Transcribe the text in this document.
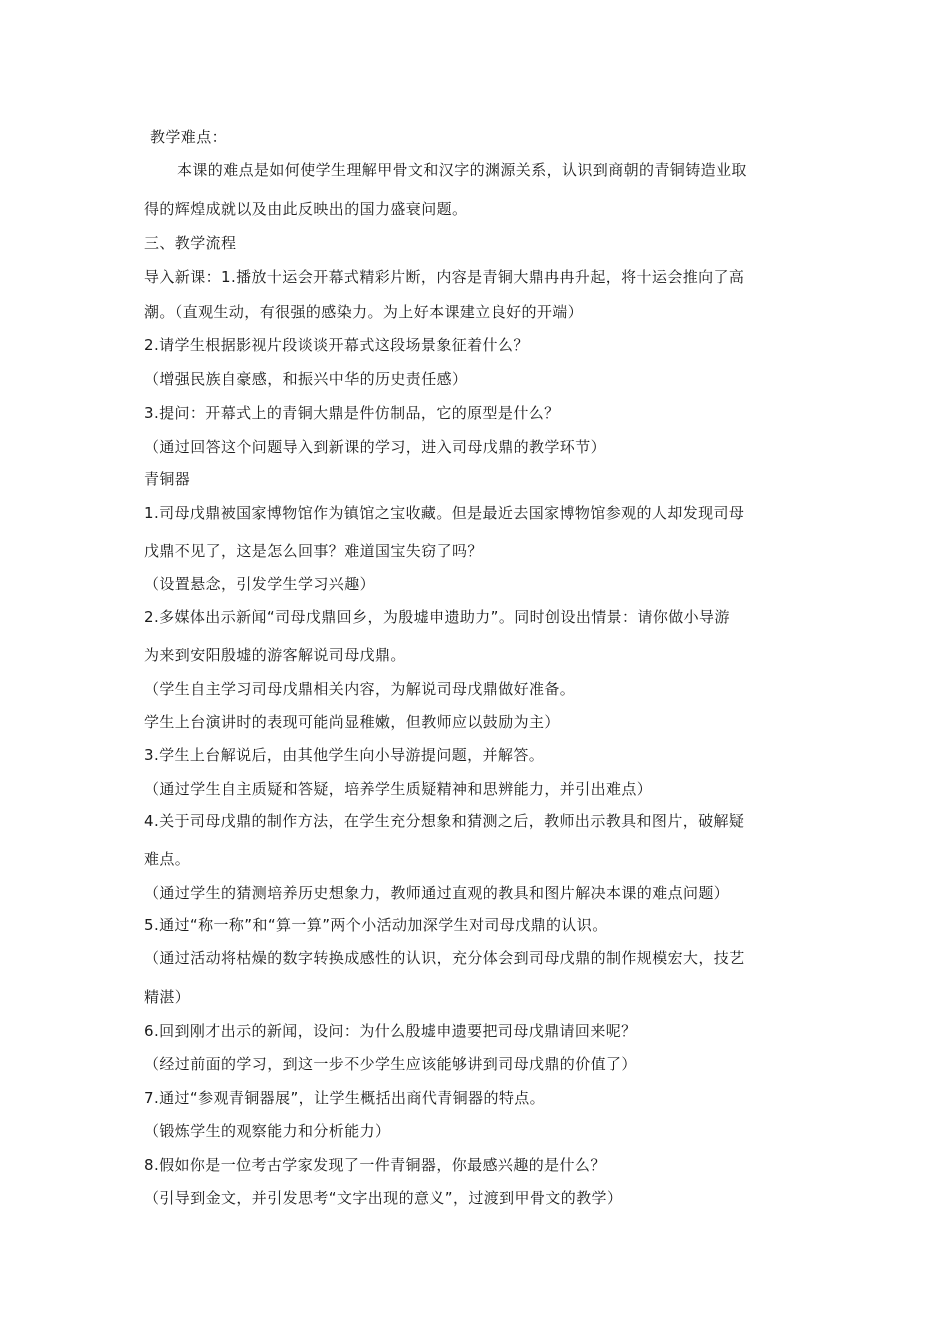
教学难点：
本课的难点是如何使学生理解甲骨文和汉字的渊源关系，认识到商朝的青铜铸造业取
得的辉煌成就以及由此反映出的国力盛衰问题。
三、教学流程
导入新课：1.播放十运会开幕式精彩片断，内容是青铜大鼎冉冉升起，将十运会推向了高
潮。（直观生动，有很强的感染力。为上好本课建立良好的开端）
2.请学生根据影视片段谈谈开幕式这段场景象征着什么？
（增强民族自豪感，和振兴中华的历史责任感）
3.提问：开幕式上的青铜大鼎是件仿制品，它的原型是什么？
（通过回答这个问题导入到新课的学习，进入司母戊鼎的教学环节）
青铜器
1.司母戊鼎被国家博物馆作为镇馆之宝收藏。但是最近去国家博物馆参观的人却发现司母
戊鼎不见了，这是怎么回事？难道国宝失窃了吗？
（设置悬念，引发学生学习兴趣）
2.多媒体出示新闻“司母戊鼎回乡，为殷墟申遗助力”。同时创设出情景：请你做小导游
为来到安阳殷墟的游客解说司母戊鼎。
（学生自主学习司母戊鼎相关内容，为解说司母戊鼎做好准备。
学生上台演讲时的表现可能尚显稚嫩，但教师应以鼓励为主）
3.学生上台解说后，由其他学生向小导游提问题，并解答。
（通过学生自主质疑和答疑，培养学生质疑精神和思辨能力，并引出难点）
4.关于司母戊鼎的制作方法，在学生充分想象和猜测之后，教师出示教具和图片，破解疑
难点。
（通过学生的猜测培养历史想象力，教师通过直观的教具和图片解决本课的难点问题）
5.通过“称一称”和“算一算”两个小活动加深学生对司母戊鼎的认识。
（通过活动将枯燥的数字转换成感性的认识，充分体会到司母戊鼎的制作规模宏大，技艺
精湛）
6.回到刚才出示的新闻，设问：为什么殷墟申遗要把司母戊鼎请回来呢？
（经过前面的学习，到这一步不少学生应该能够讲到司母戊鼎的价值了）
7.通过“参观青铜器展”，让学生概括出商代青铜器的特点。
（锻炼学生的观察能力和分析能力）
8.假如你是一位考古学家发现了一件青铜器，你最感兴趣的是什么？
（引导到金文，并引发思考“文字出现的意义”，过渡到甲骨文的教学）
